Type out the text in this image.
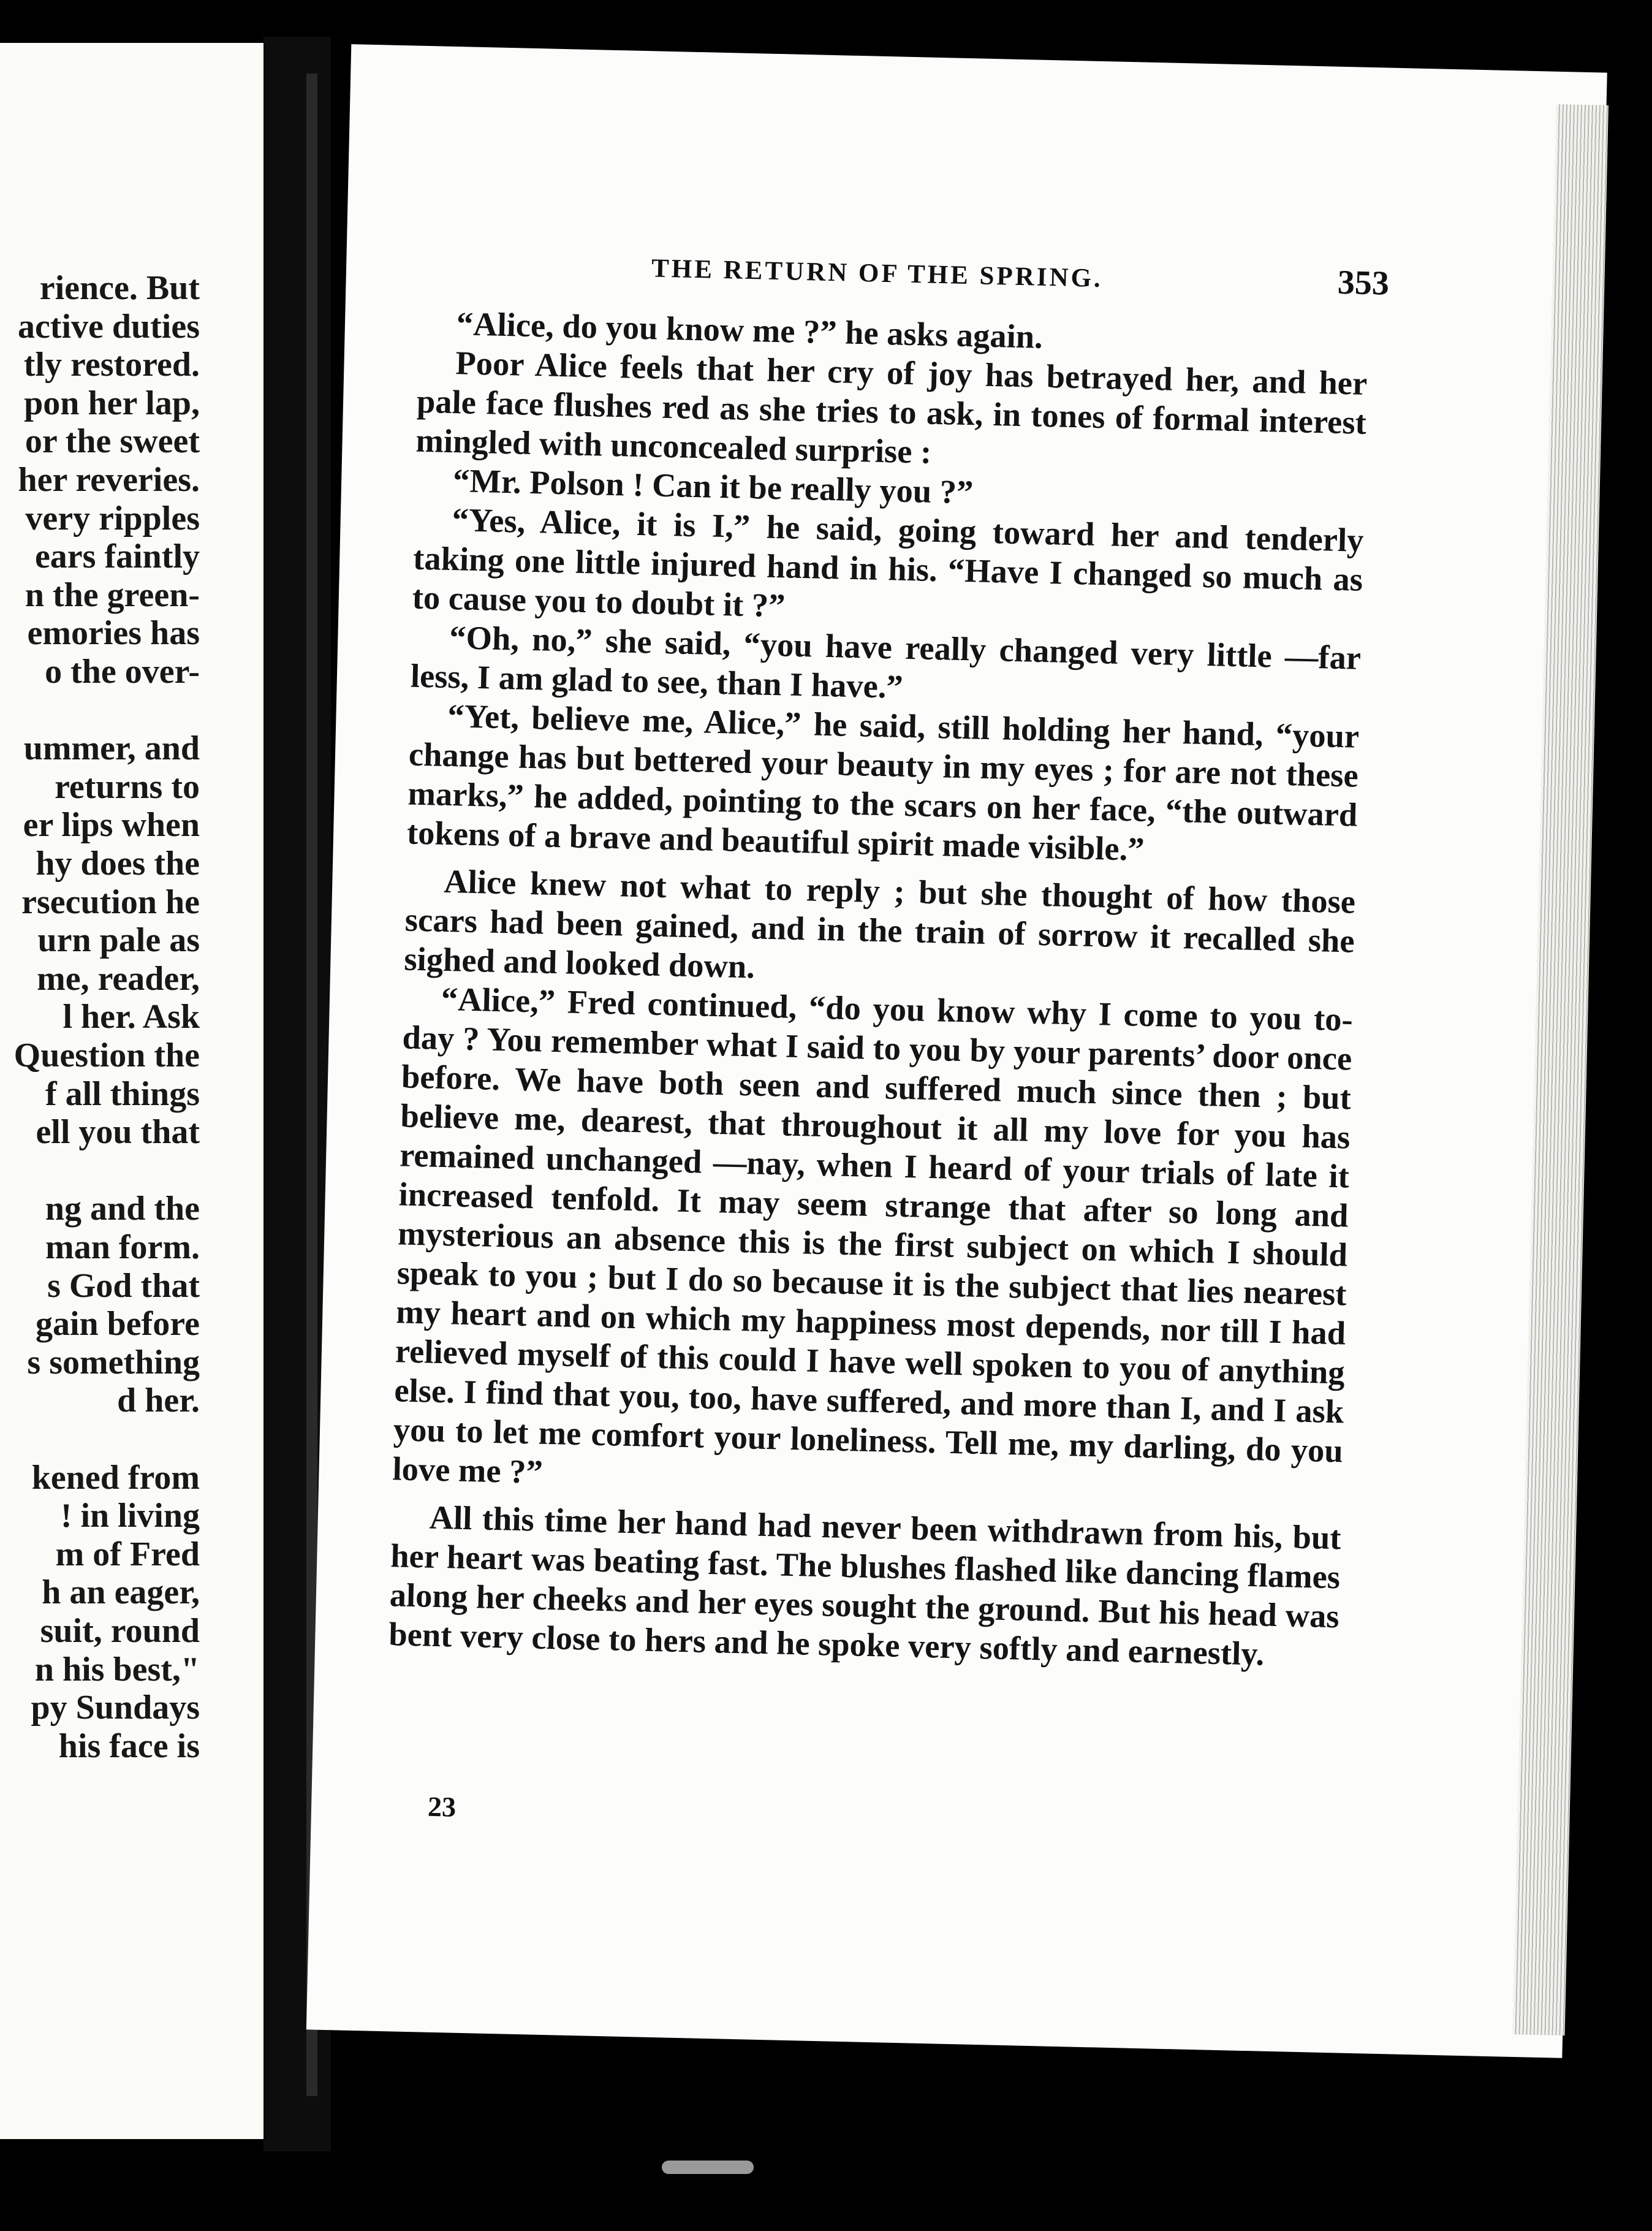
rience. But
active duties
tly restored.
pon her lap,
or the sweet
her reveries.
very ripples
ears faintly
n the green-
emories has
o the over-
ummer, and
returns to
er lips when
hy does the
rsecution he
urn pale as
me, reader,
l her. Ask
Question the
f all things
ell you that
ng and the
man form.
s God that
gain before
s something
d her.
kened from
! in living
m of Fred
h an eager,
suit, round
n his best,"
py Sundays
his face is
THE RETURN OF THE SPRING.	353

“Alice, do you know me ?” he asks again.

Poor Alice feels that her cry of joy has betrayed her, and her pale face flushes red as she tries to ask, in tones of formal interest mingled with unconcealed surprise :

“Mr. Polson ! Can it be really you ?”

“Yes, Alice, it is I,” he said, going toward her and tenderly taking one little injured hand in his. “Have I changed so much as to cause you to doubt it ?”

“Oh, no,” she said, “you have really changed very little —far less, I am glad to see, than I have.”

“Yet, believe me, Alice,” he said, still holding her hand, “your change has but bettered your beauty in my eyes ; for are not these marks,” he added, pointing to the scars on her face, “the outward tokens of a brave and beautiful spirit made visible.”

Alice knew not what to reply ; but she thought of how those scars had been gained, and in the train of sorrow it recalled she sighed and looked down.

“Alice,” Fred continued, “do you know why I come to you to-day ? You remember what I said to you by your parents’ door once before. We have both seen and suffered much since then ; but believe me, dearest, that throughout it all my love for you has remained unchanged —nay, when I heard of your trials of late it increased tenfold. It may seem strange that after so long and mysterious an absence this is the first subject on which I should speak to you ; but I do so because it is the subject that lies nearest my heart and on which my happiness most depends, nor till I had relieved myself of this could I have well spoken to you of anything else. I find that you, too, have suffered, and more than I, and I ask you to let me comfort your loneliness. Tell me, my darling, do you love me ?”

All this time her hand had never been withdrawn from his, but her heart was beating fast. The blushes flashed like dancing flames along her cheeks and her eyes sought the ground. But his head was bent very close to hers and he spoke very softly and earnestly.

23
